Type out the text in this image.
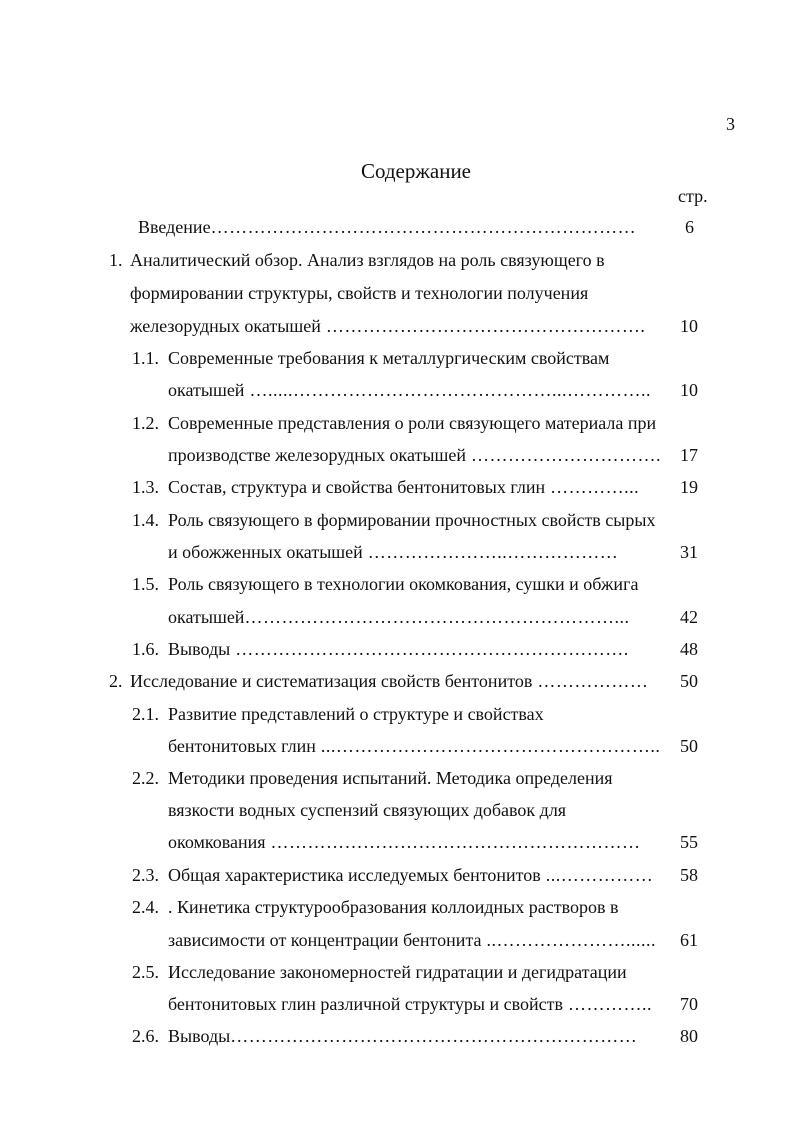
3
Содержание
стр.
Введение……………………………………………………………	6
1. Аналитический обзор. Анализ взглядов на роль связующего в
формировании структуры, свойств и технологии получения
железорудных окатышей …………………………………………….	10
1.1. Современные требования к металлургическим свойствам
окатышей ….....……………………………………...…………..	10
1.2. Современные представления о роли связующего материала при
производстве железорудных окатышей ………………………….	17
1.3. Состав, структура и свойства бентонитовых глин …………...	19
1.4. Роль связующего в формировании прочностных свойств сырых
и обожженных окатышей …………………..………………	31
1.5. Роль связующего в технологии окомкования, сушки и обжига
окатышей……………………………………………………...	42
1.6. Выводы ……………………………………………………….	48
2. Исследование и систематизация свойств бентонитов ………………	50
2.1. Развитие представлений о структуре и свойствах
бентонитовых глин ...……………………………………………..	50
2.2. Методики проведения испытаний. Методика определения
вязкости водных суспензий связующих добавок для
окомкования ……………………………………………………	55
2.3. Общая характеристика исследуемых бентонитов ...……………	58
2.4. . Кинетика структурообразования коллоидных растворов в
зависимости от концентрации бентонита ..…………………......	61
2.5. Исследование закономерностей гидратации и дегидратации
бентонитовых глин различной структуры и свойств …………..	70
2.6. Выводы…………………………………………………………	80
